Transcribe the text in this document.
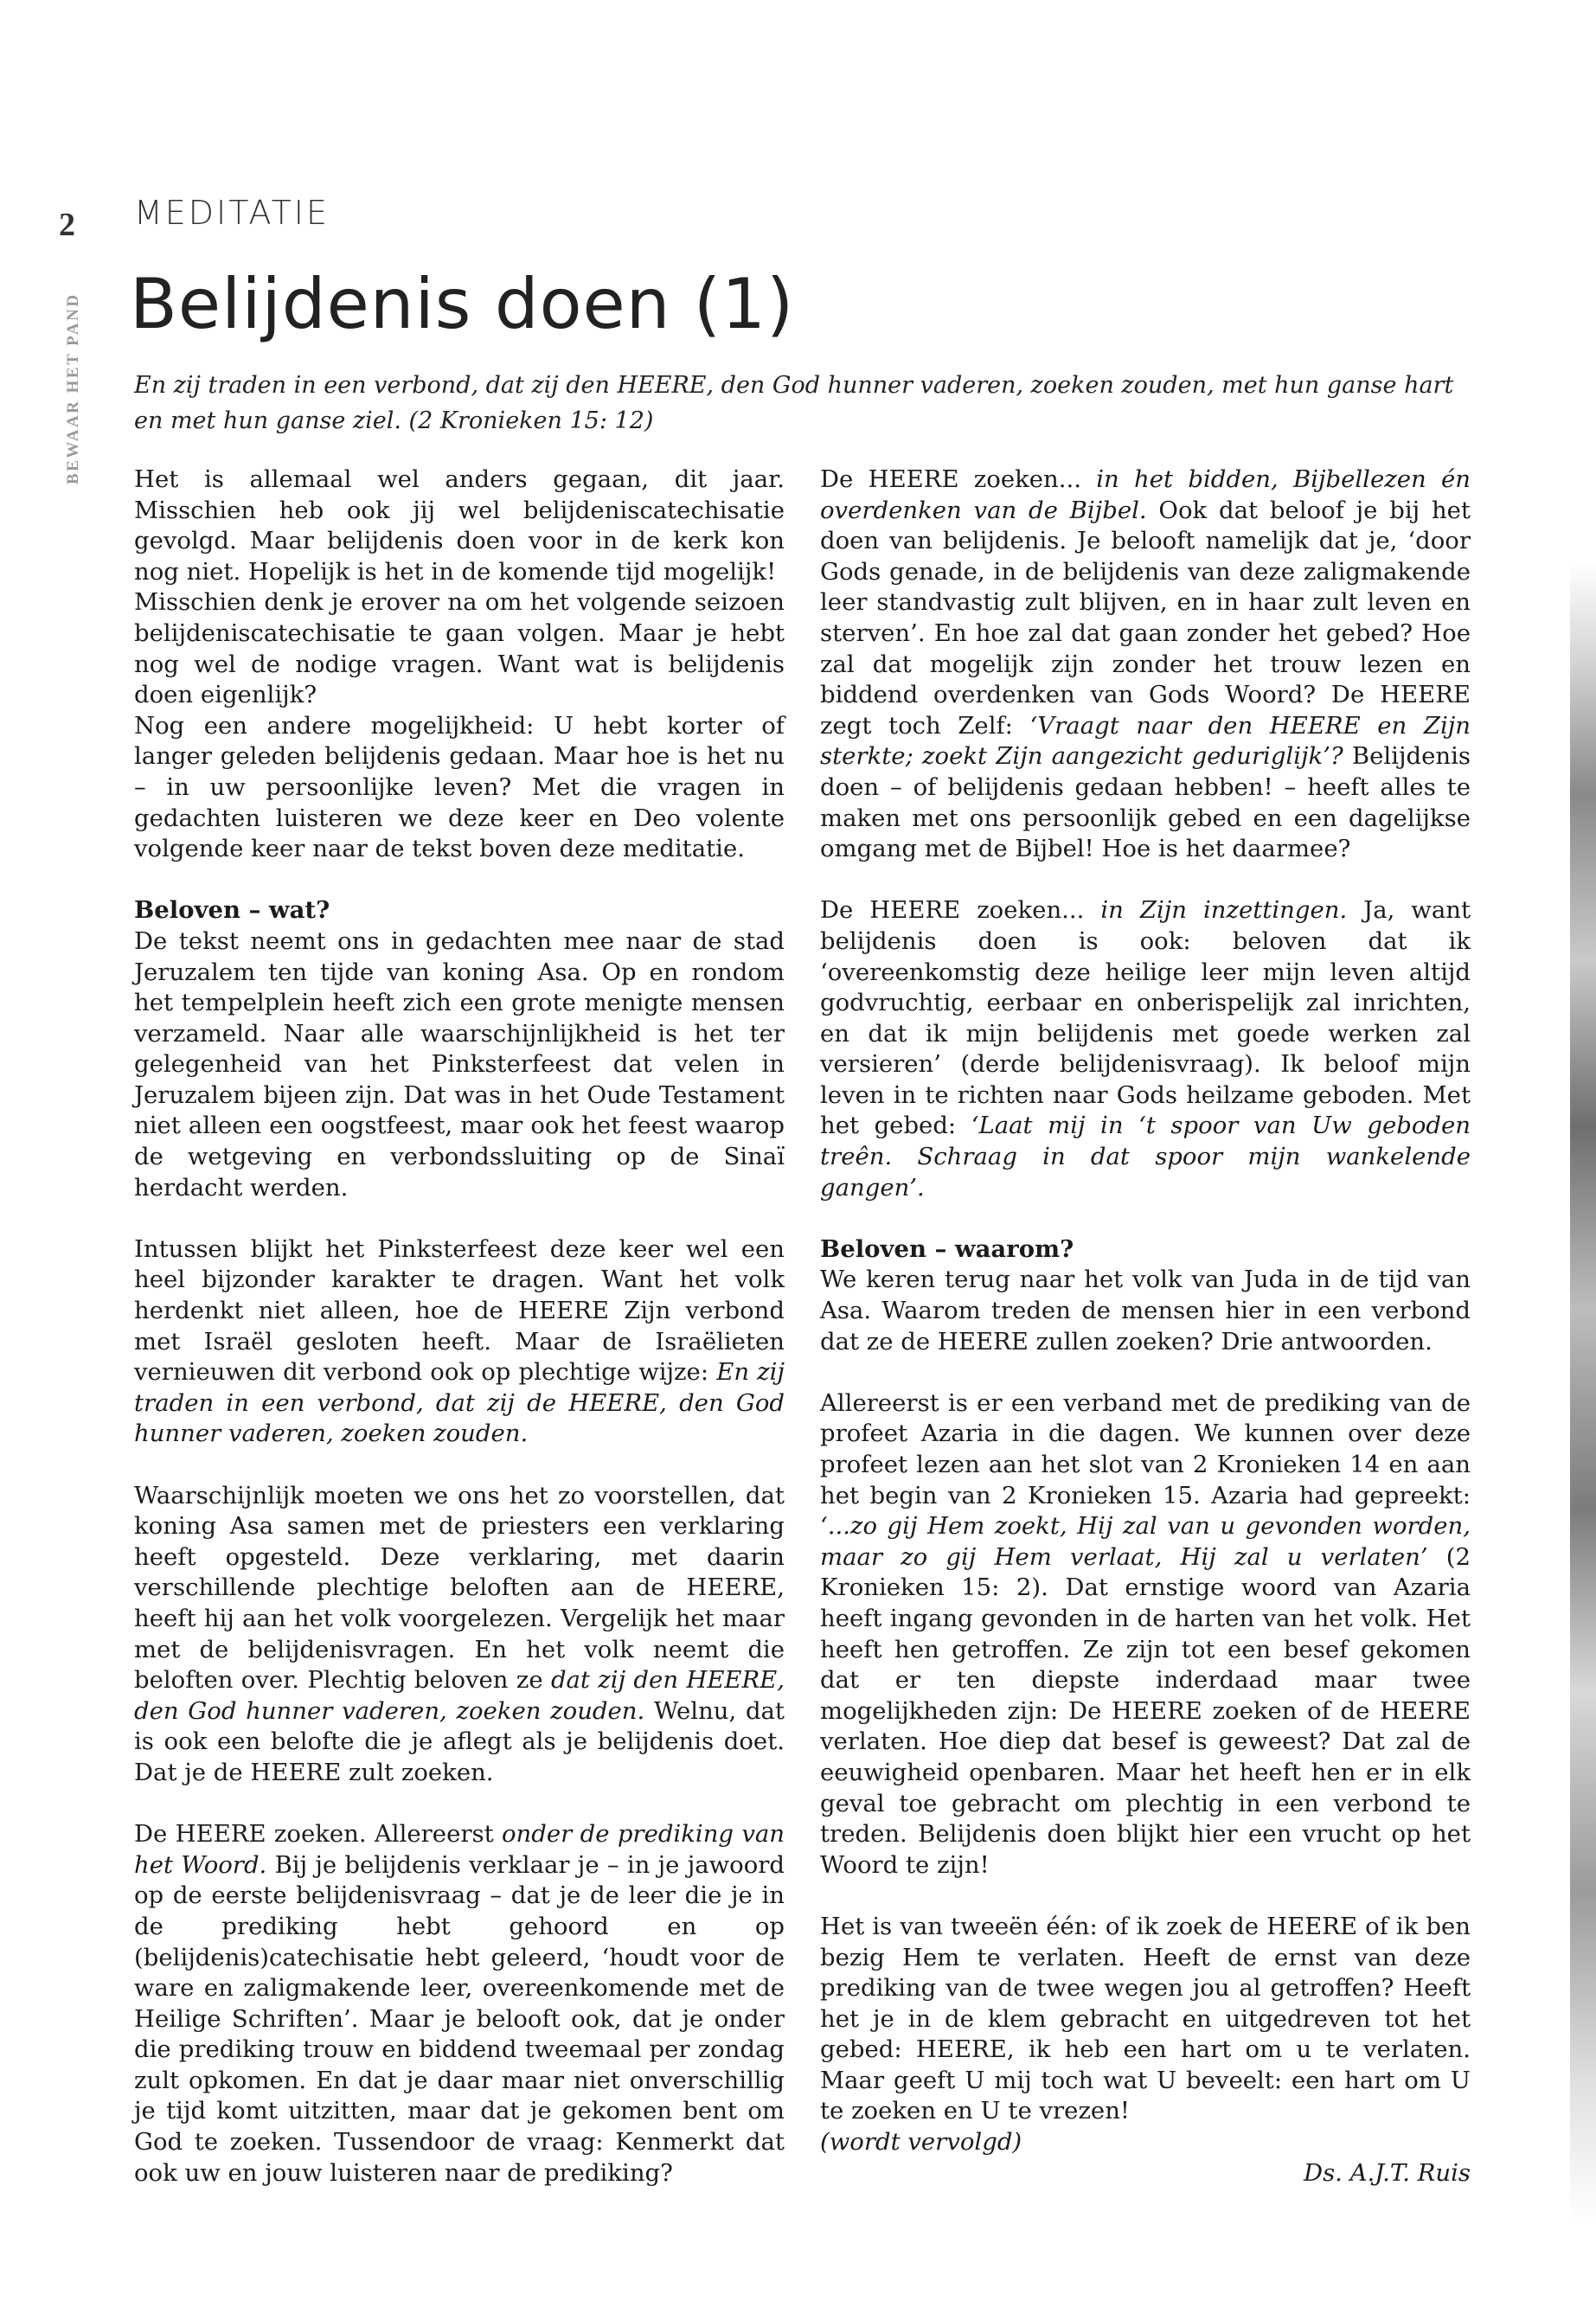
2
BEWAAR HET PAND
MEDITATIE
Belijdenis doen (1)
En zij traden in een verbond, dat zij den HEERE, den God hunner vaderen, zoeken zouden, met hun ganse hart en met hun ganse ziel. (2 Kronieken 15: 12)

Het is allemaal wel anders gegaan, dit jaar. Misschien heb ook jij wel belijdeniscatechisatie gevolgd. Maar belijdenis doen voor in de kerk kon nog niet. Hopelijk is het in de komende tijd mogelijk!

Misschien denk je erover na om het volgende seizoen belijdeniscatechisatie te gaan volgen. Maar je hebt nog wel de nodige vragen. Want wat is belijdenis doen eigenlijk?

Nog een andere mogelijkheid: U hebt korter of langer geleden belijdenis gedaan. Maar hoe is het nu – in uw persoonlijke leven? Met die vragen in gedachten luisteren we deze keer en Deo volente volgende keer naar de tekst boven deze meditatie.

Beloven – wat?

De tekst neemt ons in gedachten mee naar de stad Jeruzalem ten tijde van koning Asa. Op en rondom het tempelplein heeft zich een grote menigte mensen verzameld. Naar alle waarschijnlijkheid is het ter gelegenheid van het Pinksterfeest dat velen in Jeruzalem bijeen zijn. Dat was in het Oude Testament niet alleen een oogstfeest, maar ook het feest waarop de wetgeving en verbondssluiting op de Sinaï herdacht werden.

Intussen blijkt het Pinksterfeest deze keer wel een heel bijzonder karakter te dragen. Want het volk herdenkt niet alleen, hoe de HEERE Zijn verbond met Israël gesloten heeft. Maar de Israëlieten vernieuwen dit verbond ook op plechtige wijze: En zij traden in een verbond, dat zij de HEERE, den God hunner vaderen, zoeken zouden.

Waarschijnlijk moeten we ons het zo voorstellen, dat koning Asa samen met de priesters een verklaring heeft opgesteld. Deze verklaring, met daarin verschillende plechtige beloften aan de HEERE, heeft hij aan het volk voorgelezen. Vergelijk het maar met de belijdenisvragen. En het volk neemt die beloften over. Plechtig beloven ze dat zij den HEERE, den God hunner vaderen, zoeken zouden. Welnu, dat is ook een belofte die je aflegt als je belijdenis doet. Dat je de HEERE zult zoeken.

De HEERE zoeken. Allereerst onder de prediking van het Woord. Bij je belijdenis verklaar je – in je jawoord op de eerste belijdenisvraag – dat je de leer die je in de prediking hebt gehoord en op (belijdenis)catechisatie hebt geleerd, ‘houdt voor de ware en zaligmakende leer, overeenkomende met de Heilige Schriften’. Maar je belooft ook, dat je onder die prediking trouw en biddend tweemaal per zondag zult opkomen. En dat je daar maar niet onverschillig je tijd komt uitzitten, maar dat je gekomen bent om God te zoeken. Tussendoor de vraag: Kenmerkt dat ook uw en jouw luisteren naar de prediking?

De HEERE zoeken... in het bidden, Bijbellezen én overdenken van de Bijbel. Ook dat beloof je bij het doen van belijdenis. Je belooft namelijk dat je, ‘door Gods genade, in de belijdenis van deze zaligmakende leer standvastig zult blijven, en in haar zult leven en sterven’. En hoe zal dat gaan zonder het gebed? Hoe zal dat mogelijk zijn zonder het trouw lezen en biddend overdenken van Gods Woord? De HEERE zegt toch Zelf: ‘Vraagt naar den HEERE en Zijn sterkte; zoekt Zijn aangezicht geduriglijk’? Belijdenis doen – of belijdenis gedaan hebben! – heeft alles te maken met ons persoonlijk gebed en een dagelijkse omgang met de Bijbel! Hoe is het daarmee?

De HEERE zoeken... in Zijn inzettingen. Ja, want belijdenis doen is ook: beloven dat ik ‘overeenkomstig deze heilige leer mijn leven altijd godvruchtig, eerbaar en onberispelijk zal inrichten, en dat ik mijn belijdenis met goede werken zal versieren’ (derde belijdenisvraag). Ik beloof mijn leven in te richten naar Gods heilzame geboden. Met het gebed: ‘Laat mij in ‘t spoor van Uw geboden treên. Schraag in dat spoor mijn wankelende gangen’.

Beloven – waarom?

We keren terug naar het volk van Juda in de tijd van Asa. Waarom treden de mensen hier in een verbond dat ze de HEERE zullen zoeken? Drie antwoorden.

Allereerst is er een verband met de prediking van de profeet Azaria in die dagen. We kunnen over deze profeet lezen aan het slot van 2 Kronieken 14 en aan het begin van 2 Kronieken 15. Azaria had gepreekt: ‘...zo gij Hem zoekt, Hij zal van u gevonden worden, maar zo gij Hem verlaat, Hij zal u verlaten’ (2 Kronieken 15: 2). Dat ernstige woord van Azaria heeft ingang gevonden in de harten van het volk. Het heeft hen getroffen. Ze zijn tot een besef gekomen dat er ten diepste inderdaad maar twee mogelijkheden zijn: De HEERE zoeken of de HEERE verlaten. Hoe diep dat besef is geweest? Dat zal de eeuwigheid openbaren. Maar het heeft hen er in elk geval toe gebracht om plechtig in een verbond te treden. Belijdenis doen blijkt hier een vrucht op het Woord te zijn!

Het is van tweeën één: of ik zoek de HEERE of ik ben bezig Hem te verlaten. Heeft de ernst van deze prediking van de twee wegen jou al getroffen? Heeft het je in de klem gebracht en uitgedreven tot het gebed: HEERE, ik heb een hart om u te verlaten. Maar geeft U mij toch wat U beveelt: een hart om U te zoeken en U te vrezen!

(wordt vervolgd)

Ds. A.J.T. Ruis
